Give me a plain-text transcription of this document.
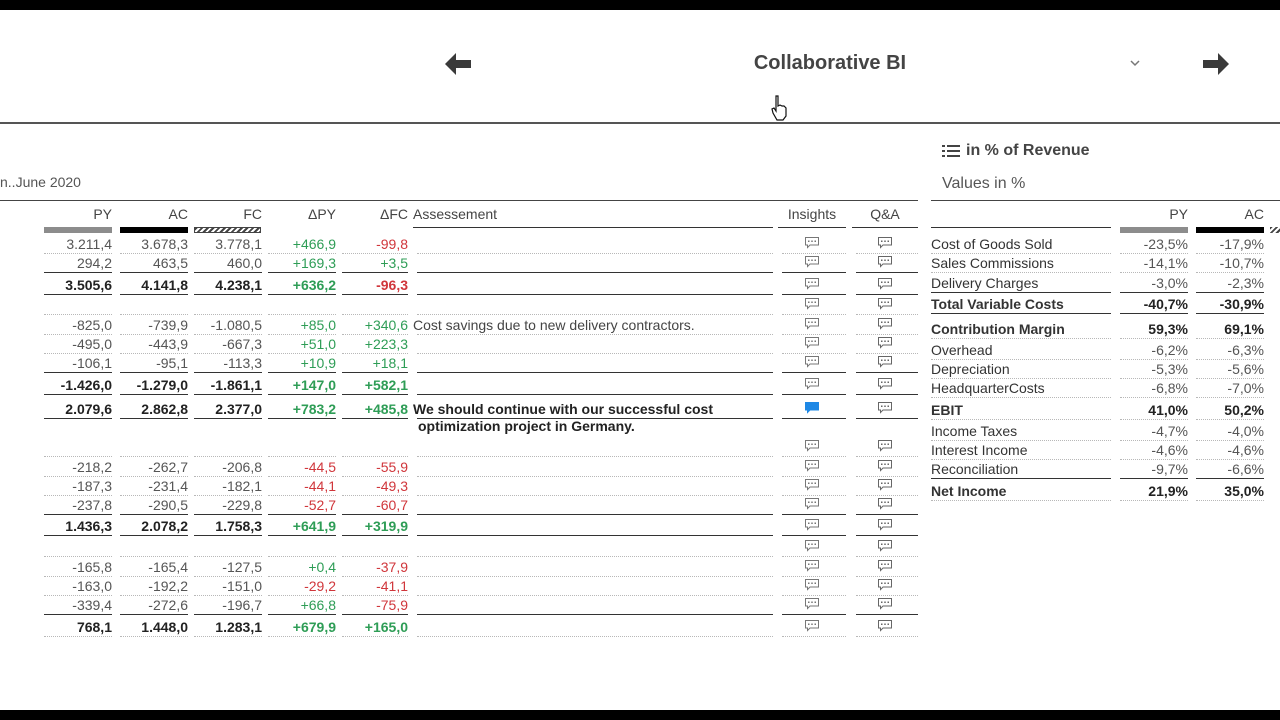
Collaborative BI
n..June 2020
PY	AC	FC	ΔPY	ΔFC Assessement	Insights	Q&A
3.211,4	3.678,3	3.778,1	+466,9	-99,8
294,2	463,5	460,0	+169,3	+3,5
3.505,6	4.141,8	4.238,1	+636,2	-96,3
-825,0	-739,9	-1.080,5	+85,0	+340,6 Cost savings due to new delivery contractors.
-495,0	-443,9	-667,3	+51,0	+223,3
-106,1	-95,1	-113,3	+10,9	+18,1
-1.426,0	-1.279,0	-1.861,1	+147,0	+582,1
2.079,6	2.862,8	2.377,0	+783,2	+485,8 We should continue with our successful cost
optimization project in Germany.
-218,2	-262,7	-206,8	-44,5	-55,9
-187,3	-231,4	-182,1	-44,1	-49,3
-237,8	-290,5	-229,8	-52,7	-60,7
1.436,3	2.078,2	1.758,3	+641,9	+319,9
-165,8	-165,4	-127,5	+0,4	-37,9
-163,0	-192,2	-151,0	-29,2	-41,1
-339,4	-272,6	-196,7	+66,8	-75,9
768,1	1.448,0	1.283,1	+679,9	+165,0
in % of Revenue
Values in %
PY	AC
Cost of Goods Sold	-23,5%	-17,9%
Sales Commissions	-14,1%	-10,7%
Delivery Charges	-3,0%	-2,3%
Total Variable Costs	-40,7%	-30,9%
Contribution Margin	59,3%	69,1%
Overhead	-6,2%	-6,3%
Depreciation	-5,3%	-5,6%
HeadquarterCosts	-6,8%	-7,0%
EBIT	41,0%	50,2%
Income Taxes	-4,7%	-4,0%
Interest Income	-4,6%	-4,6%
Reconciliation	-9,7%	-6,6%
Net Income	21,9%	35,0%
